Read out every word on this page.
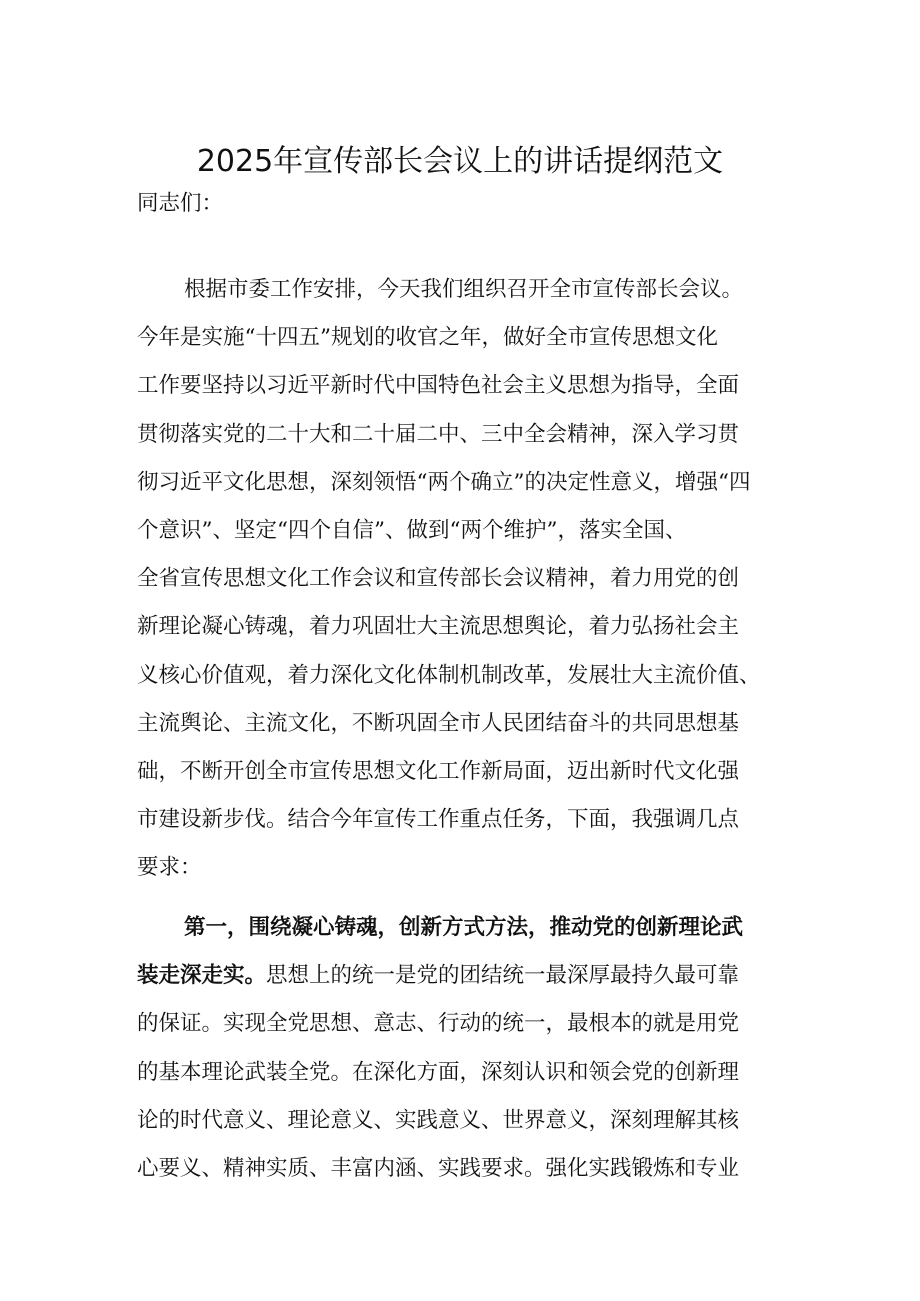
2025年宣传部长会议上的讲话提纲范文

同志们：

根据市委工作安排，今天我们组织召开全市宣传部长会议。
今年是实施“十四五”规划的收官之年，做好全市宣传思想文化
工作要坚持以习近平新时代中国特色社会主义思想为指导，全面
贯彻落实党的二十大和二十届二中、三中全会精神，深入学习贯
彻习近平文化思想，深刻领悟“两个确立”的决定性意义，增强“四
个意识”、坚定“四个自信”、做到“两个维护”，落实全国、
全省宣传思想文化工作会议和宣传部长会议精神，着力用党的创
新理论凝心铸魂，着力巩固壮大主流思想舆论，着力弘扬社会主
义核心价值观，着力深化文化体制机制改革，发展壮大主流价值、
主流舆论、主流文化，不断巩固全市人民团结奋斗的共同思想基
础，不断开创全市宣传思想文化工作新局面，迈出新时代文化强
市建设新步伐。结合今年宣传工作重点任务，下面，我强调几点
要求：
第一，围绕凝心铸魂，创新方式方法，推动党的创新理论武
装走深走实。思想上的统一是党的团结统一最深厚最持久最可靠
的保证。实现全党思想、意志、行动的统一，最根本的就是用党
的基本理论武装全党。在深化方面，深刻认识和领会党的创新理
论的时代意义、理论意义、实践意义、世界意义，深刻理解其核
心要义、精神实质、丰富内涵、实践要求。强化实践锻炼和专业
